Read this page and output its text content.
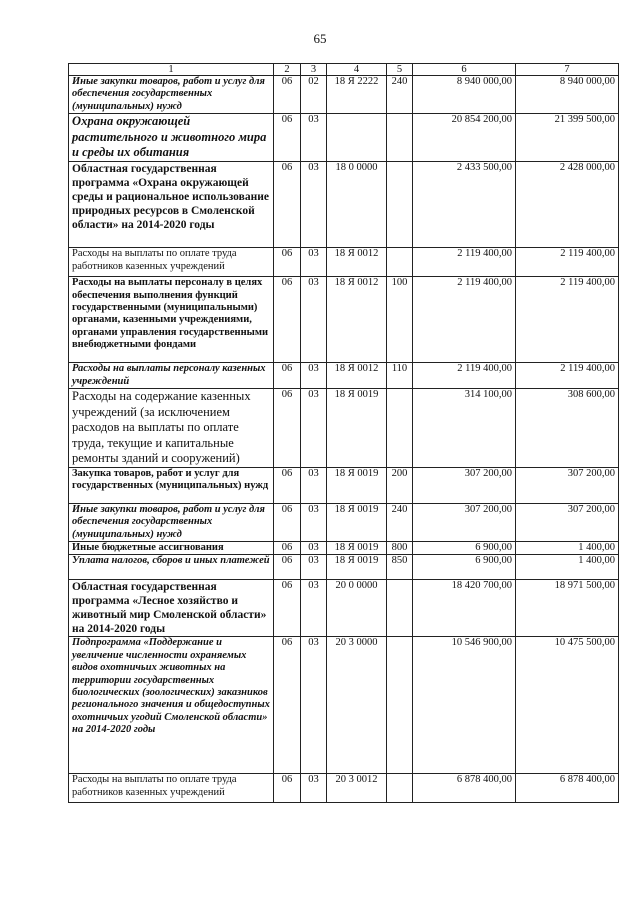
65
1	2	3	4	5	6	7
Иные закупки товаров, работ и услуг для обеспечения государственных (муниципальных) нужд	06	02	18 Я 2222	240	8 940 000,00	8 940 000,00
Охрана окружающей растительного и животного мира и среды их обитания	06	03			20 854 200,00	21 399 500,00
Областная государственная программа «Охрана окружающей среды и рациональное использование природных ресурсов в Смоленской области» на 2014-2020 годы	06	03	18 0 0000		2 433 500,00	2 428 000,00
Расходы на выплаты по оплате труда работников казенных учреждений	06	03	18 Я 0012		2 119 400,00	2 119 400,00
Расходы на выплаты персоналу в целях обеспечения выполнения функций государственными (муниципальными) органами, казенными учреждениями, органами управления государственными внебюджетными фондами	06	03	18 Я 0012	100	2 119 400,00	2 119 400,00
Расходы на выплаты персоналу казенных учреждений	06	03	18 Я 0012	110	2 119 400,00	2 119 400,00
Расходы на содержание казенных учреждений (за исключением расходов на выплаты по оплате труда, текущие и капитальные ремонты зданий и сооружений)	06	03	18 Я 0019		314 100,00	308 600,00
Закупка товаров, работ и услуг для государственных (муниципальных) нужд	06	03	18 Я 0019	200	307 200,00	307 200,00
Иные закупки товаров, работ и услуг для обеспечения государственных (муниципальных) нужд	06	03	18 Я 0019	240	307 200,00	307 200,00
Иные бюджетные ассигнования	06	03	18 Я 0019	800	6 900,00	1 400,00
Уплата налогов, сборов и иных платежей	06	03	18 Я 0019	850	6 900,00	1 400,00
Областная государственная программа «Лесное хозяйство и животный мир Смоленской области» на 2014-2020 годы	06	03	20 0 0000		18 420 700,00	18 971 500,00
Подпрограмма «Поддержание и увеличение численности охраняемых видов охотничьих животных на территории государственных биологических (зоологических) заказников регионального значения и общедоступных охотничьих угодий Смоленской области» на 2014-2020 годы	06	03	20 3 0000		10 546 900,00	10 475 500,00
Расходы на выплаты по оплате труда работников казенных учреждений	06	03	20 3 0012		6 878 400,00	6 878 400,00
